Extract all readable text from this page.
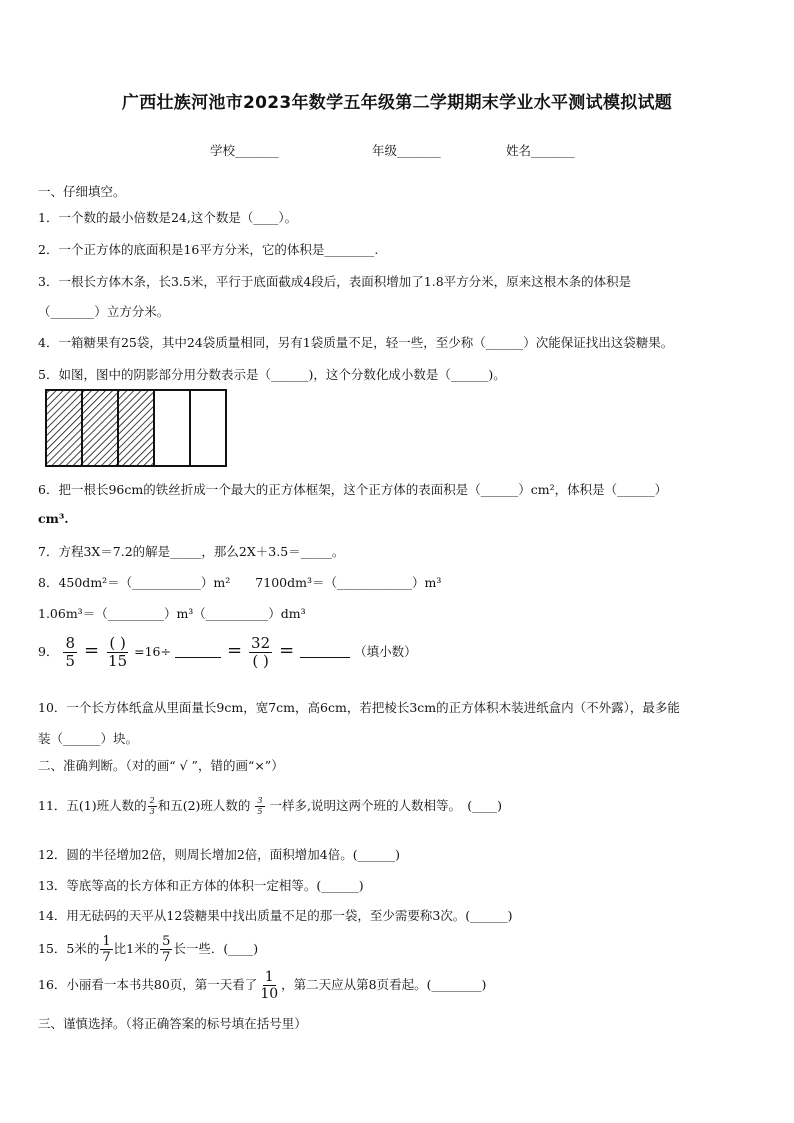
广西壮族河池市2023年数学五年级第二学期期末学业水平测试模拟试题
学校_______	年级_______	姓名_______
一、仔细填空。
1．一个数的最小倍数是24,这个数是（____）。
2．一个正方体的底面积是16平方分米，它的体积是________.
3．一根长方体木条，长3.5米，平行于底面截成4段后，表面积增加了1.8平方分米，原来这根木条的体积是
（_______）立方分米。
4．一箱糖果有25袋，其中24袋质量相同，另有1袋质量不足，轻一些，至少称（______）次能保证找出这袋糖果。
5．如图，图中的阴影部分用分数表示是（______)，这个分数化成小数是（______)。
6．把一根长96cm的铁丝折成一个最大的正方体框架，这个正方体的表面积是（______）cm²，体积是（______）
cm³.
7．方程3X＝7.2的解是_____，那么2X＋3.5＝_____。
8．450dm²＝（___________）m²　　7100dm³＝（____________）m³
1.06m³＝（_________）m³（__________）dm³
9． $\frac{8}{5} = \frac{( )}{15} =16\div$	= $\frac{32}{( )}$ =	（填小数）
10．一个长方体纸盒从里面量长9cm，宽7cm，高6cm，若把棱长3cm的正方体积木装进纸盒内（不外露），最多能
装（______）块。
二、准确判断。（对的画“ √ ”，错的画“×”）
11．五(1)班人数的 $\frac{2}{3}$ 和五(2)班人数的 $\frac{3}{5}$ 一样多,说明这两个班的人数相等。　(____)
12．圆的半径增加2倍，则周长增加2倍，面积增加4倍。(______)
13．等底等高的长方体和正方体的体积一定相等。(______)
14．用无砝码的天平从12袋糖果中找出质量不足的那一袋，至少需要称3次。(______)
15．5米的 $\frac{1}{7}$ 比1米的 $\frac{5}{7}$ 长一些．(____)
16．小丽看一本书共80页，第一天看了 $\frac{1}{10}$ ，第二天应从第8页看起。(________)
三、谨慎选择。（将正确答案的标号填在括号里）
